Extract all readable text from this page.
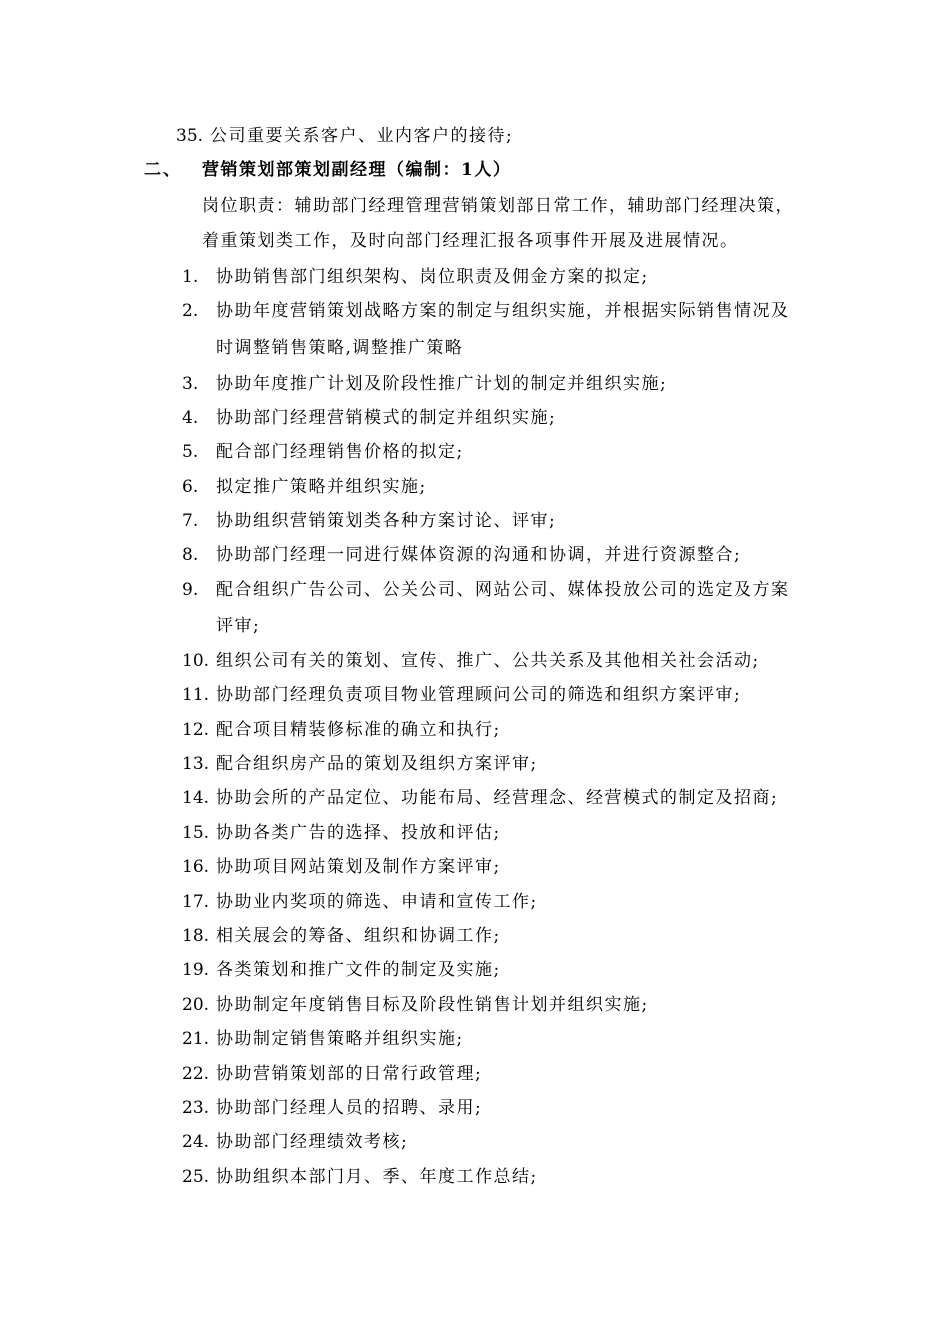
35. 公司重要关系客户、业内客户的接待;
二、 营销策划部策划副经理（编制：1人）
岗位职责：辅助部门经理管理营销策划部日常工作，辅助部门经理决策，
着重策划类工作，及时向部门经理汇报各项事件开展及进展情况。
1. 协助销售部门组织架构、岗位职责及佣金方案的拟定;
2. 协助年度营销策划战略方案的制定与组织实施，并根据实际销售情况及
时调整销售策略,调整推广策略
3. 协助年度推广计划及阶段性推广计划的制定并组织实施;
4. 协助部门经理营销模式的制定并组织实施;
5. 配合部门经理销售价格的拟定;
6. 拟定推广策略并组织实施;
7. 协助组织营销策划类各种方案讨论、评审;
8. 协助部门经理一同进行媒体资源的沟通和协调，并进行资源整合;
9. 配合组织广告公司、公关公司、网站公司、媒体投放公司的选定及方案
评审;
10. 组织公司有关的策划、宣传、推广、公共关系及其他相关社会活动;
11. 协助部门经理负责项目物业管理顾问公司的筛选和组织方案评审;
12. 配合项目精装修标准的确立和执行;
13. 配合组织房产品的策划及组织方案评审;
14. 协助会所的产品定位、功能布局、经营理念、经营模式的制定及招商;
15. 协助各类广告的选择、投放和评估;
16. 协助项目网站策划及制作方案评审;
17. 协助业内奖项的筛选、申请和宣传工作;
18. 相关展会的筹备、组织和协调工作;
19. 各类策划和推广文件的制定及实施;
20. 协助制定年度销售目标及阶段性销售计划并组织实施;
21. 协助制定销售策略并组织实施;
22. 协助营销策划部的日常行政管理;
23. 协助部门经理人员的招聘、录用;
24. 协助部门经理绩效考核;
25. 协助组织本部门月、季、年度工作总结;
